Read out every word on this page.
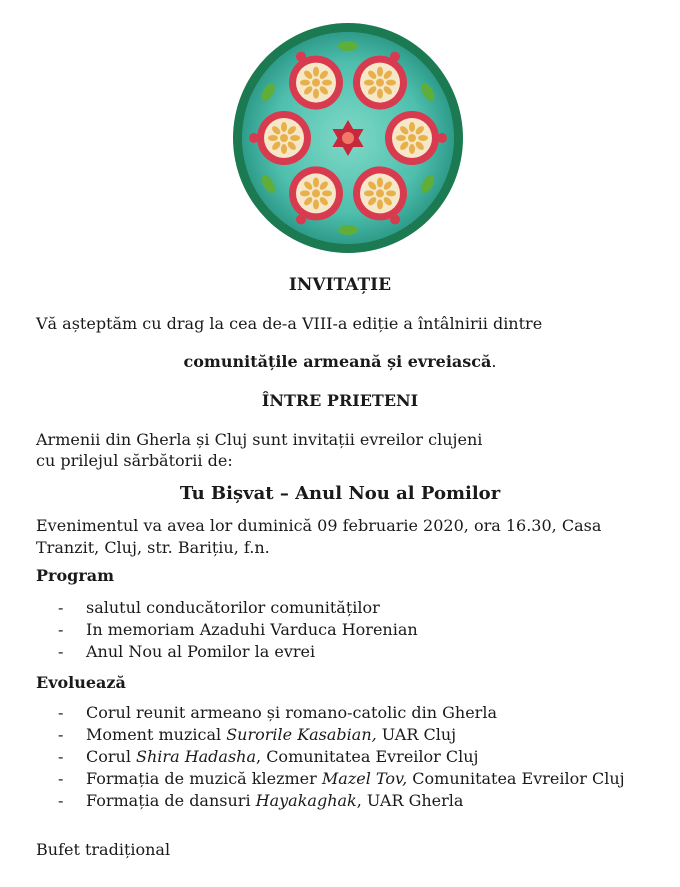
INVITAȚIE
Vă așteptăm cu drag la cea de-a VIII-a ediție a întâlnirii dintre
comunitățile armeană și evreiască.
ÎNTRE PRIETENI
Armenii din Gherla și Cluj sunt invitații evreilor clujeni
cu prilejul sărbătorii de:
Tu Bișvat – Anul Nou al Pomilor
Evenimentul va avea lor duminică 09 februarie 2020, ora 16.30, Casa
Tranzit, Cluj, str. Barițiu, f.n.
Program
- salutul conducătorilor comunităților
- In memoriam Azaduhi Varduca Horenian
- Anul Nou al Pomilor la evrei
Evoluează
- Corul reunit armeano și romano-catolic din Gherla
- Moment muzical Surorile Kasabian, UAR Cluj
- Corul Shira Hadasha, Comunitatea Evreilor Cluj
- Formația de muzică klezmer Mazel Tov, Comunitatea Evreilor Cluj
- Formația de dansuri Hayakaghak, UAR Gherla
Bufet tradițional
